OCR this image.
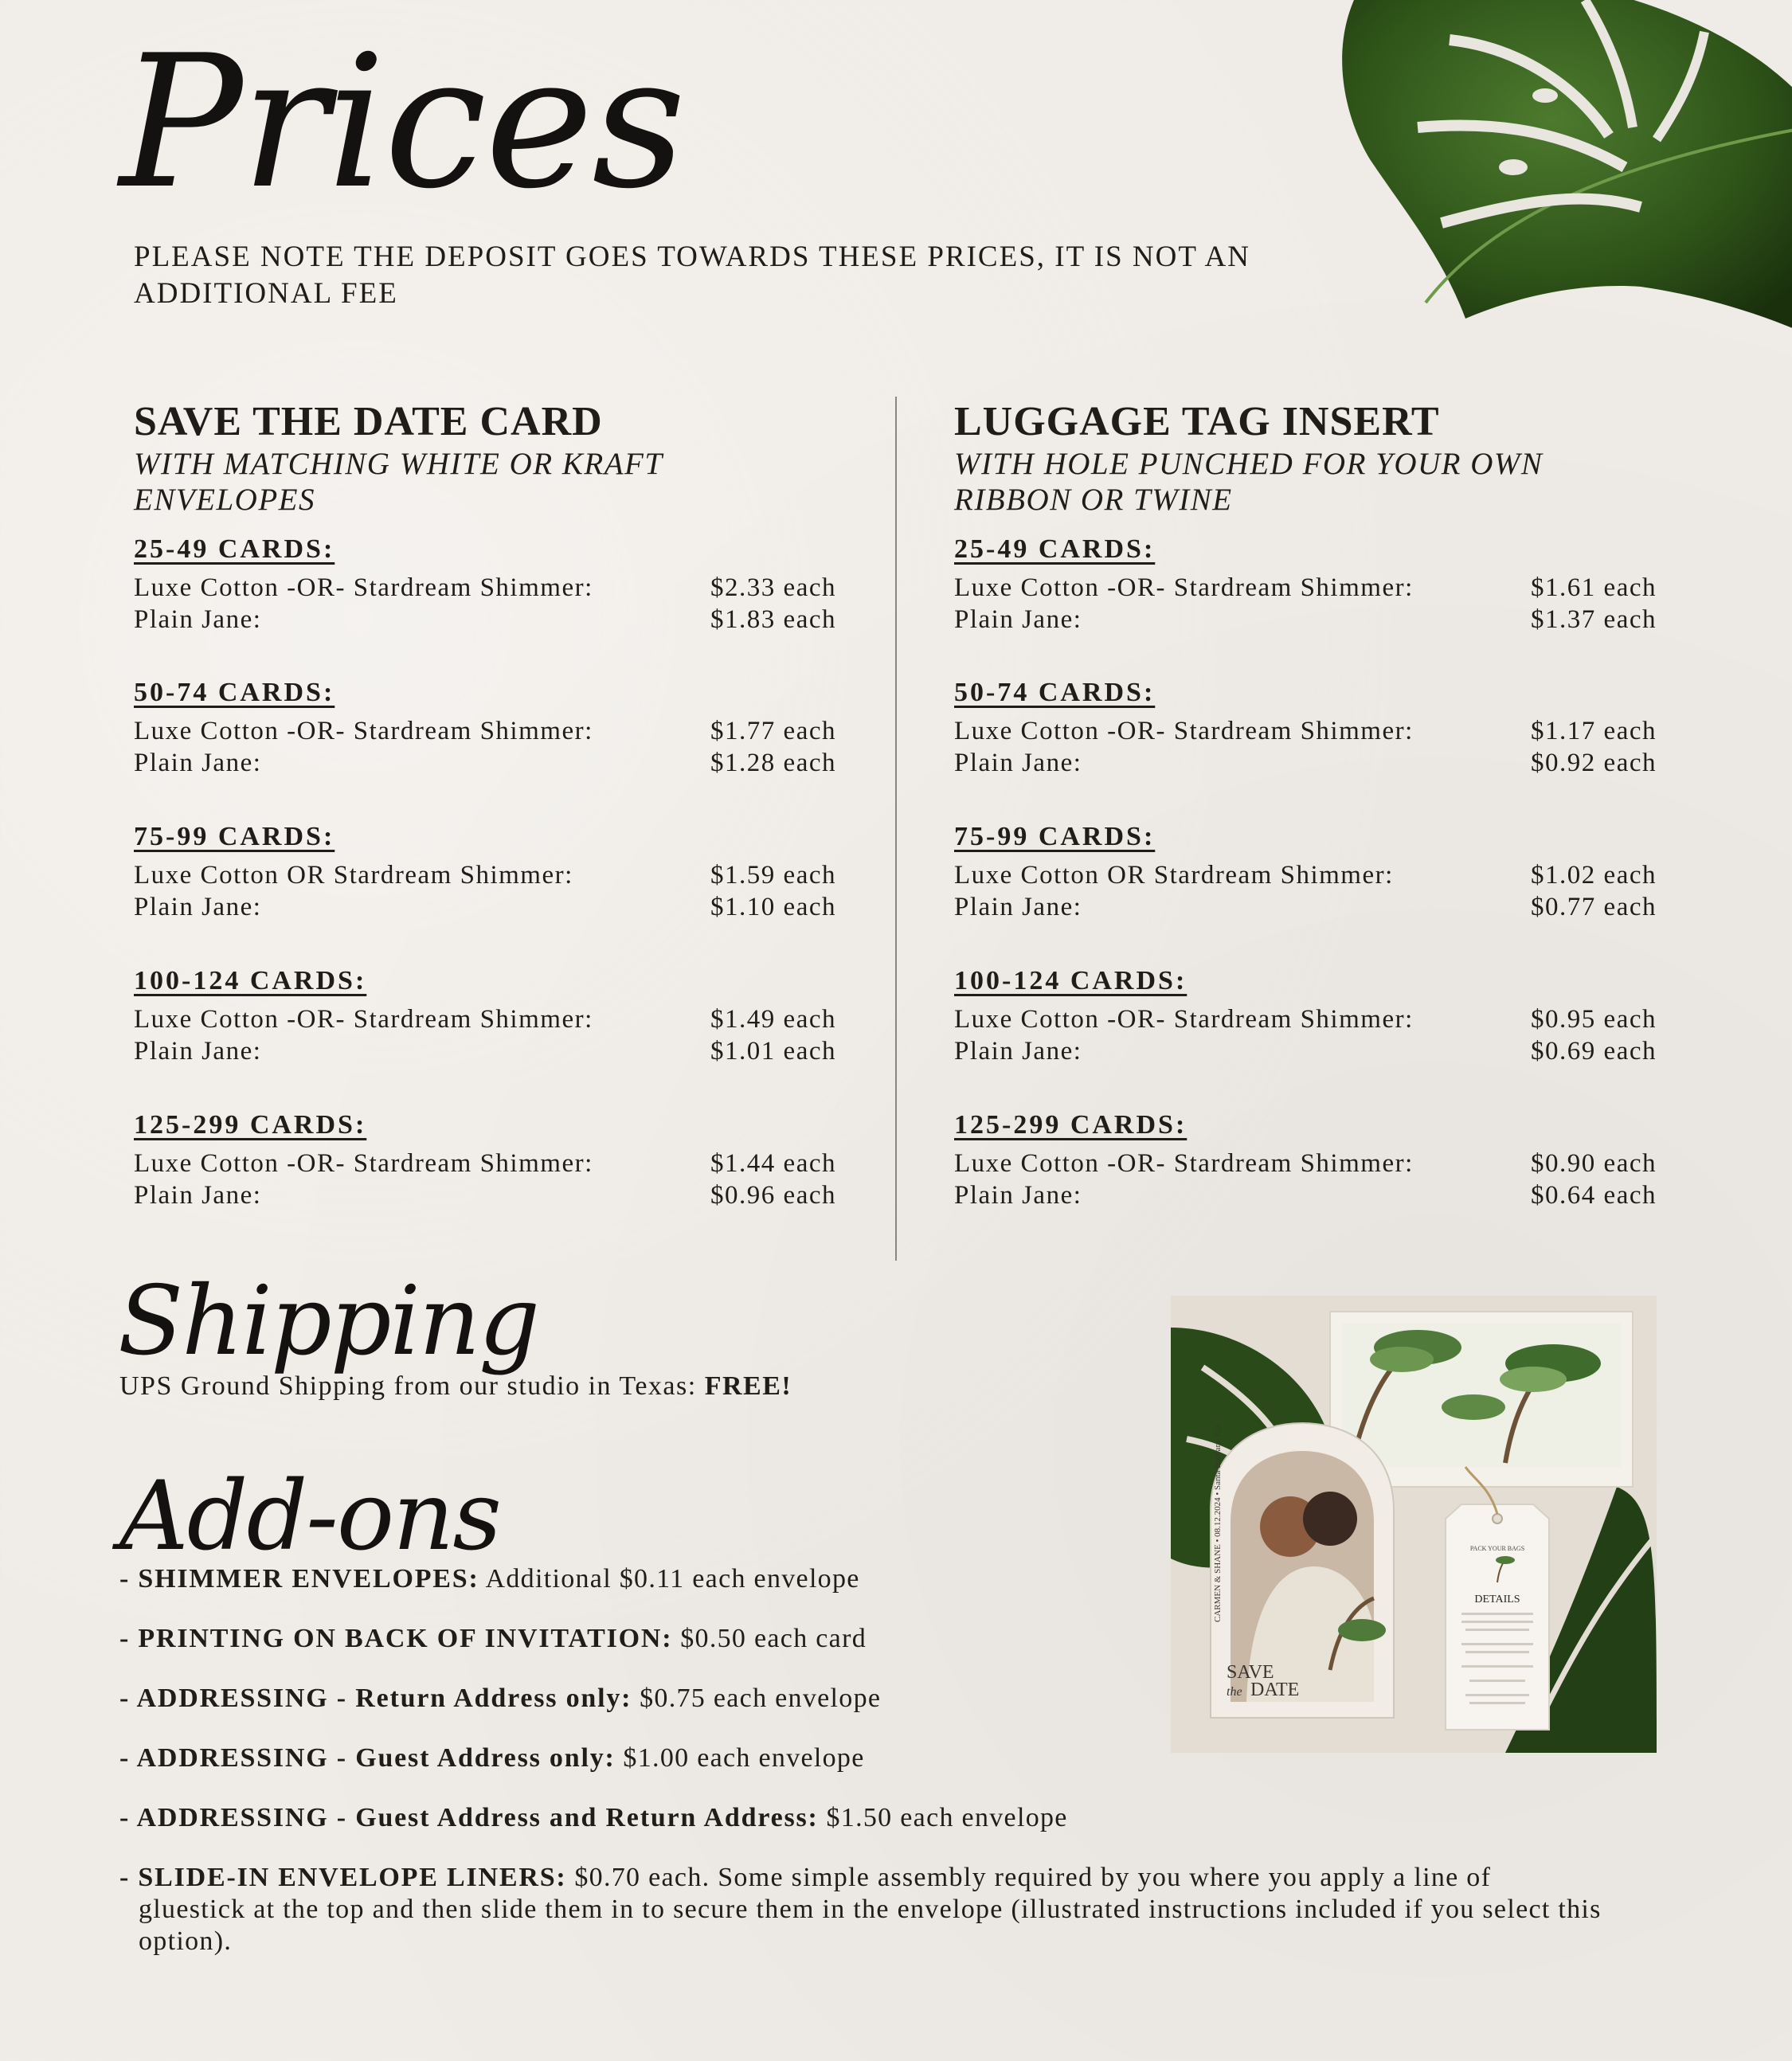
Prices
PLEASE NOTE THE DEPOSIT GOES TOWARDS THESE PRICES, IT IS NOT AN ADDITIONAL FEE

SAVE THE DATE CARD

WITH MATCHING WHITE OR KRAFT ENVELOPES

25-49 CARDS:
Luxe Cotton -OR- Stardream Shimmer:	$2.33 each
Plain Jane:	$1.83 each
50-74 CARDS:
Luxe Cotton -OR- Stardream Shimmer:	$1.77 each
Plain Jane:	$1.28 each
75-99 CARDS:
Luxe Cotton OR Stardream Shimmer:	$1.59 each
Plain Jane:	$1.10 each
100-124 CARDS:
Luxe Cotton -OR- Stardream Shimmer:	$1.49 each
Plain Jane:	$1.01 each
125-299 CARDS:
Luxe Cotton -OR- Stardream Shimmer:	$1.44 each
Plain Jane:	$0.96 each

LUGGAGE TAG INSERT

WITH HOLE PUNCHED FOR YOUR OWN RIBBON OR TWINE

25-49 CARDS:
Luxe Cotton -OR- Stardream Shimmer:	$1.61 each
Plain Jane:	$1.37 each
50-74 CARDS:
Luxe Cotton -OR- Stardream Shimmer:	$1.17 each
Plain Jane:	$0.92 each
75-99 CARDS:
Luxe Cotton OR Stardream Shimmer:	$1.02 each
Plain Jane:	$0.77 each
100-124 CARDS:
Luxe Cotton -OR- Stardream Shimmer:	$0.95 each
Plain Jane:	$0.69 each
125-299 CARDS:
Luxe Cotton -OR- Stardream Shimmer:	$0.90 each
Plain Jane:	$0.64 each
Shipping
UPS Ground Shipping from our studio in Texas: FREE!
Add-ons
- SHIMMER ENVELOPES: Additional $0.11 each envelope
- PRINTING ON BACK OF INVITATION: $0.50 each card
- ADDRESSING - Return Address only: $0.75 each envelope
- ADDRESSING - Guest Address only: $1.00 each envelope
- ADDRESSING - Guest Address and Return Address: $1.50 each envelope
- SLIDE-IN ENVELOPE LINERS: $0.70 each. Some simple assembly required by you where you apply a line of
gluestick at the top and then slide them in to secure them in the envelope (illustrated instructions included if you select this option).
CARMEN & SHANE • 08.12.2024 • Santa Barbara, CA
SAVE
the DATE
PACK YOUR BAGS
DETAILS
